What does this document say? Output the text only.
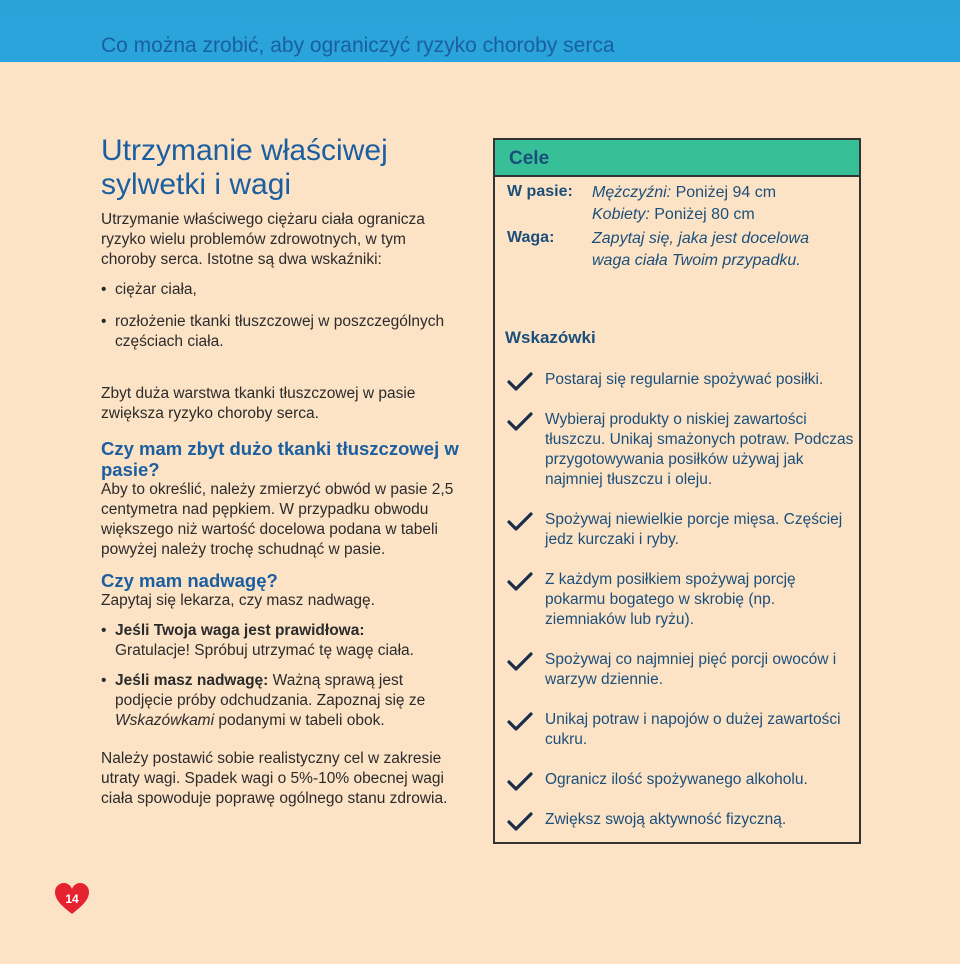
Co można zrobić, aby ograniczyć ryzyko choroby serca
Utrzymanie właściwej
sylwetki i wagi

Utrzymanie właściwego ciężaru ciała ogranicza ryzyko wielu problemów zdrowotnych, w tym choroby serca. Istotne są dwa wskaźniki:

• ciężar ciała,

• rozłożenie tkanki tłuszczowej w poszczególnych częściach ciała.

Zbyt duża warstwa tkanki tłuszczowej w pasie zwiększa ryzyko choroby serca.

Czy mam zbyt dużo tkanki tłuszczowej w pasie?

Aby to określić, należy zmierzyć obwód w pasie 2,5 centymetra nad pępkiem. W przypadku obwodu większego niż wartość docelowa podana w tabeli powyżej należy trochę schudnąć w pasie.

Czy mam nadwagę?

Zapytaj się lekarza, czy masz nadwagę.

• Jeśli Twoja waga jest prawidłowa:
Gratulacje! Spróbuj utrzymać tę wagę ciała.

• Jeśli masz nadwagę: Ważną sprawą jest podjęcie próby odchudzania. Zapoznaj się ze Wskazówkami podanymi w tabeli obok.

Należy postawić sobie realistyczny cel w zakresie utraty wagi. Spadek wagi o 5%-10% obecnej wagi ciała spowoduje poprawę ogólnego stanu zdrowia.

Cele
W pasie: Mężczyźni: Poniżej 94 cm
Kobiety: Poniżej 80 cm
Waga: Zapytaj się, jaka jest docelowa
waga ciała Twoim przypadku.
Wskazówki
Postaraj się regularnie spożywać posiłki.
Wybieraj produkty o niskiej zawartości tłuszczu. Unikaj smażonych potraw. Podczas przygotowywania posiłków używaj jak najmniej tłuszczu i oleju.
Spożywaj niewielkie porcje mięsa. Częściej jedz kurczaki i ryby.
Z każdym posiłkiem spożywaj porcję pokarmu bogatego w skrobię (np. ziemniaków lub ryżu).
Spożywaj co najmniej pięć porcji owoców i warzyw dziennie.
Unikaj potraw i napojów o dużej zawartości cukru.
Ogranicz ilość spożywanego alkoholu.
Zwiększ swoją aktywność fizyczną.
14
